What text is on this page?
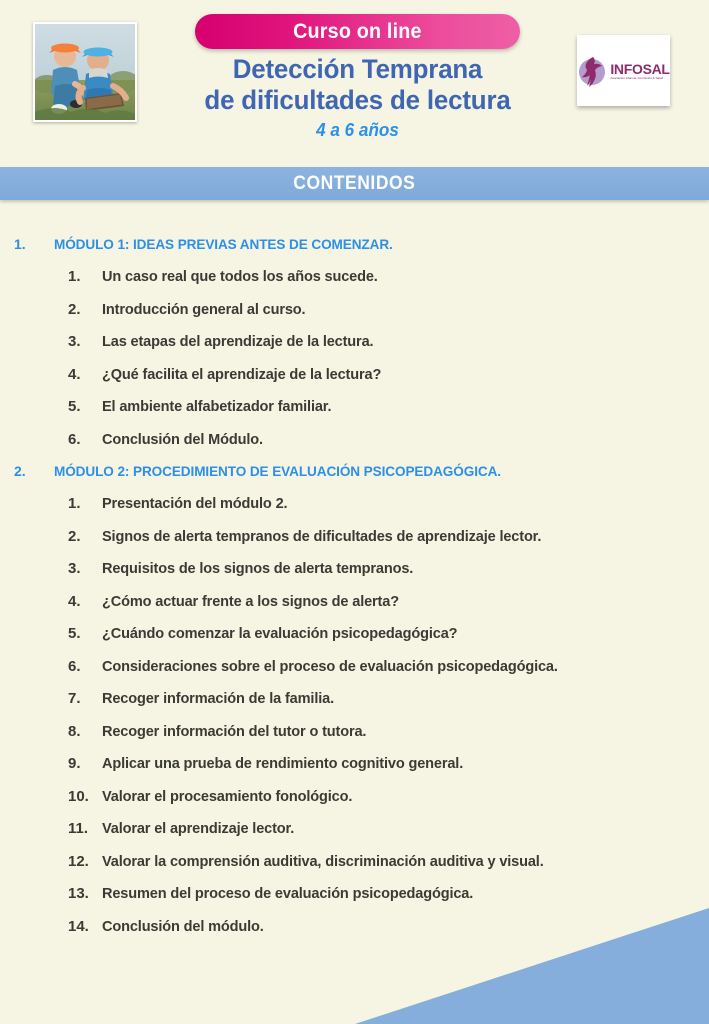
Curso on line
Detección Temprana
de dificultades de lectura
4 a 6 años
INFOSAL
Asociación Infancia, Formación & Salud
CONTENIDOS
1.	MÓDULO 1: IDEAS PREVIAS ANTES DE COMENZAR.
1.	Un caso real que todos los años sucede.
2.	Introducción general al curso.
3.	Las etapas del aprendizaje de la lectura.
4.	¿Qué facilita el aprendizaje de la lectura?
5.	El ambiente alfabetizador familiar.
6.	Conclusión del Módulo.
2.	MÓDULO 2: PROCEDIMIENTO DE EVALUACIÓN PSICOPEDAGÓGICA.
1.	Presentación del módulo 2.
2.	Signos de alerta tempranos de dificultades de aprendizaje lector.
3.	Requisitos de los signos de alerta tempranos.
4.	¿Cómo actuar frente a los signos de alerta?
5.	¿Cuándo comenzar la evaluación psicopedagógica?
6.	Consideraciones sobre el proceso de evaluación psicopedagógica.
7.	Recoger información de la familia.
8.	Recoger información del tutor o tutora.
9.	Aplicar una prueba de rendimiento cognitivo general.
10. Valorar el procesamiento fonológico.
11. Valorar el aprendizaje lector.
12. Valorar la comprensión auditiva, discriminación auditiva y visual.
13. Resumen del proceso de evaluación psicopedagógica.
14. Conclusión del módulo.
